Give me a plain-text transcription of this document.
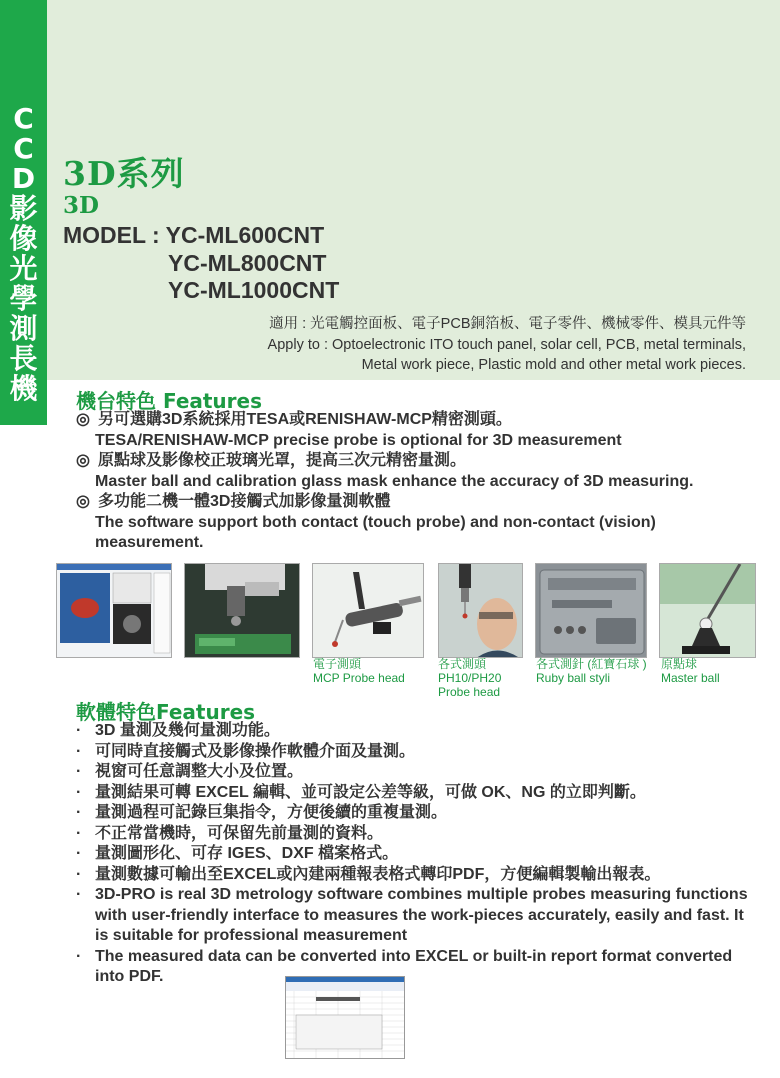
C
C
D
影
像
光
學
測
長
機
3D系列
3D
MODEL : YC-ML600CNT
YC-ML800CNT
YC-ML1000CNT
適用 : 光電觸控面板、電子PCB銅箔板、電子零件、機械零件、模具元件等
Apply to : Optoelectronic ITO touch panel, solar cell, PCB, metal terminals,
Metal work piece, Plastic mold and other metal work pieces.
機台特色 Features
◎ 另可選購3D系統採用TESA或RENISHAW-MCP精密測頭。
TESA/RENISHAW-MCP precise probe is optional for 3D measurement
◎ 原點球及影像校正玻璃光罩，提高三次元精密量測。
Master ball and calibration glass mask enhance the accuracy of 3D measuring.
◎ 多功能二機一體3D接觸式加影像量測軟體
The software support both contact (touch probe) and non-contact (vision) measurement.
電子測頭
MCP Probe head
各式測頭
PH10/PH20
Probe head
各式測針 (紅寶石球 )
Ruby ball styli
原點球
Master ball
軟體特色Features
· 3D 量測及幾何量測功能。
· 可同時直接觸式及影像操作軟體介面及量測。
· 視窗可任意調整大小及位置。
· 量測結果可轉 EXCEL 編輯、並可設定公差等級，可做 OK、NG 的立即判斷。
· 量測過程可記錄巨集指令，方便後續的重複量測。
· 不正常當機時，可保留先前量測的資料。
· 量測圖形化、可存 IGES、DXF 檔案格式。
· 量測數據可輸出至EXCEL或內建兩種報表格式轉印PDF，方便編輯製輸出報表。
· 3D-PRO is real 3D metrology software combines multiple probes measuring functions with user-friendly interface to measures the work-pieces accurately, easily and fast. It is suitable for professional measurement
· The measured data can be converted into EXCEL or built-in report format converted into PDF.
